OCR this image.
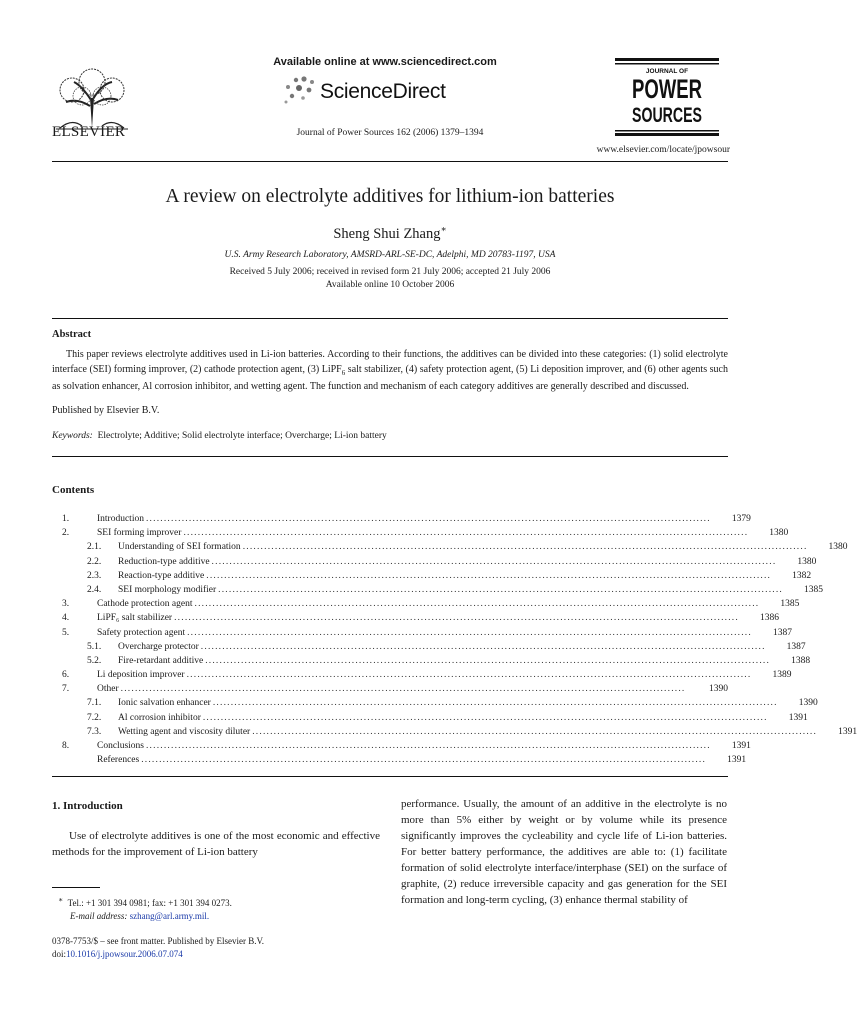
ELSEVIER
Available online at www.sciencedirect.com
ScienceDirect
Journal of Power Sources 162 (2006) 1379–1394
JOURNAL OF
POWER
SOURCES
www.elsevier.com/locate/jpowsour
A review on electrolyte additives for lithium-ion batteries
Sheng Shui Zhang∗
U.S. Army Research Laboratory, AMSRD-ARL-SE-DC, Adelphi, MD 20783-1197, USA
Received 5 July 2006; received in revised form 21 July 2006; accepted 21 July 2006
Available online 10 October 2006
Abstract

This paper reviews electrolyte additives used in Li-ion batteries. According to their functions, the additives can be divided into these categories: (1) solid electrolyte interface (SEI) forming improver, (2) cathode protection agent, (3) LiPF$_6$ salt stabilizer, (4) safety protection agent, (5) Li deposition improver, and (6) other agents such as solvation enhancer, Al corrosion inhibitor, and wetting agent. The function and mechanism of each category additives are generally described and discussed.

Published by Elsevier B.V.
Keywords: Electrolyte; Additive; Solid electrolyte interface; Overcharge; Li-ion battery
Contents
1.	Introduction ..............................................................................................................................................................	1379
2.	SEI forming improver ..............................................................................................................................................................	1380
2.1.	Understanding of SEI formation ..............................................................................................................................................................	1380
2.2.	Reduction-type additive ..............................................................................................................................................................	1380
2.3.	Reaction-type additive ..............................................................................................................................................................	1382
2.4.	SEI morphology modifier ..............................................................................................................................................................	1385
3.	Cathode protection agent ..............................................................................................................................................................	1385
4.	LiPF₆ salt stabilizer ..............................................................................................................................................................	1386
5.	Safety protection agent ..............................................................................................................................................................	1387
5.1.	Overcharge protector ..............................................................................................................................................................	1387
5.2.	Fire-retardant additive ..............................................................................................................................................................	1388
6.	Li deposition improver ..............................................................................................................................................................	1389
7.	Other ..............................................................................................................................................................	1390
7.1.	Ionic salvation enhancer ..............................................................................................................................................................	1390
7.2.	Al corrosion inhibitor ..............................................................................................................................................................	1391
7.3.	Wetting agent and viscosity diluter ..............................................................................................................................................................	1391
8.	Conclusions ..............................................................................................................................................................	1391
References ..............................................................................................................................................................	1391
1. Introduction

Use of electrolyte additives is one of the most economic and effective methods for the improvement of Li-ion battery

performance. Usually, the amount of an additive in the electrolyte is no more than 5% either by weight or by volume while its presence significantly improves the cycleability and cycle life of Li-ion batteries. For better battery performance, the additives are able to: (1) facilitate formation of solid electrolyte interface/interphase (SEI) on the surface of graphite, (2) reduce irreversible capacity and gas generation for the SEI formation and long-term cycling, (3) enhance thermal stability of

∗ Tel.: +1 301 394 0981; fax: +1 301 394 0273.
E-mail address: szhang@arl.army.mil.
0378-7753/$ – see front matter. Published by Elsevier B.V.
doi:10.1016/j.jpowsour.2006.07.074
